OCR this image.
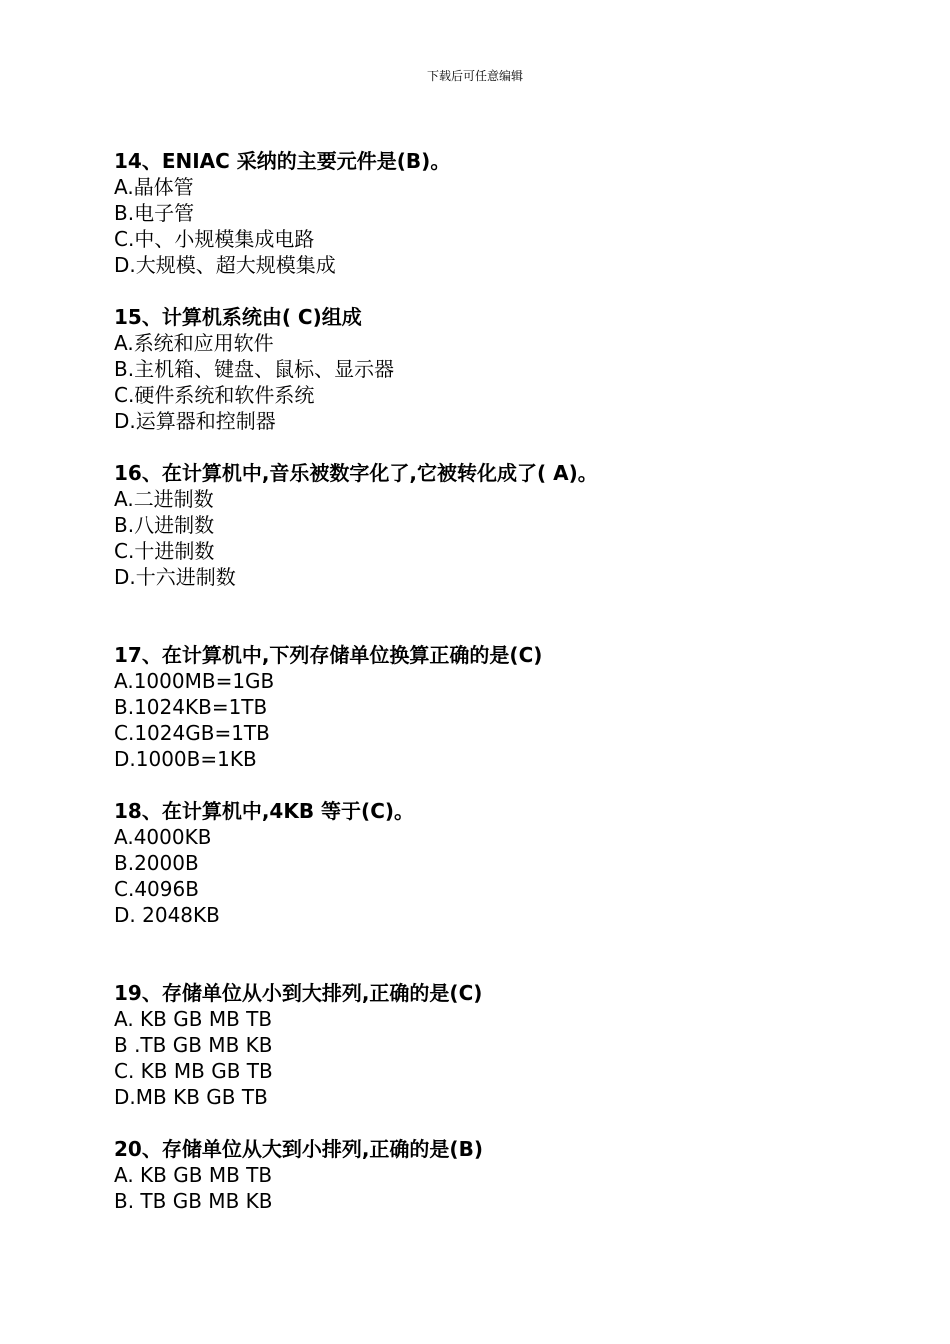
下载后可任意编辑
14、ENIAC 采纳的主要元件是(B)。
A.晶体管
B.电子管
C.中、小规模集成电路
D.大规模、超大规模集成
15、计算机系统由( C)组成
A.系统和应用软件
B.主机箱、键盘、鼠标、显示器
C.硬件系统和软件系统
D.运算器和控制器
16、在计算机中,音乐被数字化了,它被转化成了( A)。
A.二进制数
B.八进制数
C.十进制数
D.十六进制数
17、在计算机中,下列存储单位换算正确的是(C)
A.1000MB=1GB
B.1024KB=1TB
C.1024GB=1TB
D.1000B=1KB
18、在计算机中,4KB 等于(C)。
A.4000KB
B.2000B
C.4096B
D. 2048KB
19、存储单位从小到大排列,正确的是(C)
A. KB GB MB TB
B .TB GB MB KB
C. KB MB GB TB
D.MB KB GB TB
20、存储单位从大到小排列,正确的是(B)
A. KB GB MB TB
B. TB GB MB KB
